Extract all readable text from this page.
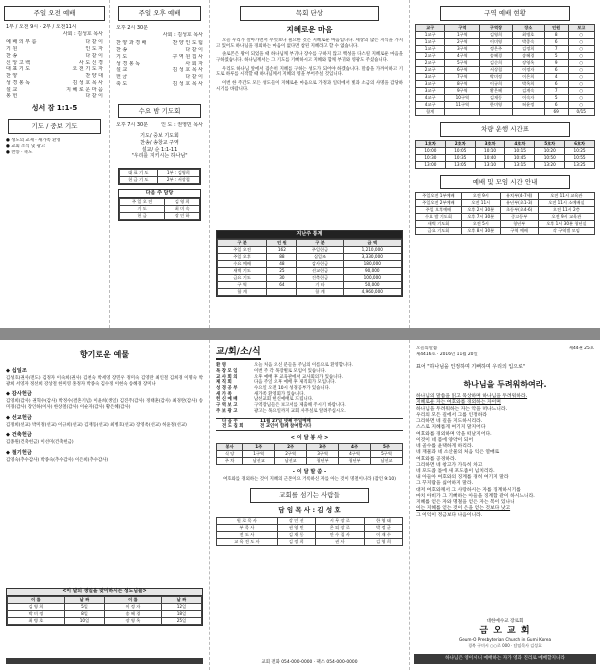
주일 오전 예배
1부 / 오전 9시 · 2부 / 오전11시
사회 : 김성호 목사
예 배 의 부 름	다 같 이
기 원	인 도 자
찬 송	다 같 이
신 앙 고 백	사 도 신 경
대 표 기 도	오 전 기 도 자
찬 양	찬 양 대
성 경 봉 독	김 성 호 목 사
설 교	지 혜 로 운 마 음
봉 헌	다 같 이
성서 잠 1:1-5
기도 / 중보 기도
● 성도의 교제 · 새가족 환영
● 교회 소식 및 광고
● 찬송 · 축도
주일 오후 예배
오후 2시 30분
사회 : 김성호 목사
찬 양 과 경 배	찬 양 인 도 팀
찬 송	다 같 이
기 도	구 역 원 집 사
성 경 봉 독	사 회 자
설 교	김 성 호 목 사
헌 금	다 같 이
축 도	김 성 호 목 사
수요 밤 기도회
오후 7시 30분	인 도 : 권영민 목사
기도/ 중보 기도회
찬송/ 송창교 구역
설교/ 순 1:1-11
"우리를 지키시는 하나님"
대 표 기 도	1부 : 김영희
헌 금 기 도	2부 : 서상철
다음 주 담당
주 일 오 전	김 영 희
기 도	최 미 숙
헌 금	장 인 하
목회 단상
지혜로운 마음

오늘 우리가 살아가면서 무엇보다 필요한 것은 지혜로운 마음입니다. 세상의 많은 지식을 가지고 있어도 하나님을 경외하는 마음이 없다면 참된 지혜라고 할 수 없습니다.

솔로몬은 왕이 되었을 때 하나님께 부귀나 장수를 구하지 않고 백성을 다스릴 지혜로운 마음을 구하였습니다. 하나님께서는 그 기도를 기뻐하시고 지혜와 함께 부귀와 영광도 주셨습니다.

우리도 하나님 앞에서 겸손히 지혜를 구하는 성도가 되어야 하겠습니다. 말씀을 가까이하고 기도로 하루를 시작할 때 하나님께서 지혜의 영을 부어주실 것입니다.

이번 한 주간도 모든 성도들이 지혜로운 마음으로 가정과 일터에서 빛과 소금의 사명을 감당하시기를 바랍니다.

지난주 통계
구 분	인 원	구 분	금 액
주일 오전	162	주일헌금	1,210,000
주일 오후	88	십일조	3,330,000
수요 예배	48	감사헌금	180,000
새벽 기도	25	선교헌금	90,000
금요 기도	30	건축헌금	100,000
구 역	64	기 타	50,000
합 계		합 계	4,960,000
구역 예배 현황
교구	구역	구역장	장소	인원	보고
1교구	1구역	김영희	최병호	8	○
1교구	2구역	이미영	박종숙	6	○
1교구	3구역	정은주	김정희	7	○
2교구	4구역	송혜경	송혜경	5	○
2교구	5구역	김순희	장영옥	9	○
2교구	6구역	서상철	이정자	6	○
3교구	7구역	박미정	이은희	4	○
3교구	8구역	이규희	박옥희	6	○
3교구	9구역	황은혜	김계숙	7	○
4교구	10구역	김재동	이숙자	5	○
4교구	11구역	한미영	허윤정	6	○
합계				69	0/15
차량 운행 시간표
1호차	2호차	3호차	4호차	5호차	6호차
10:00	10:05	10:10	10:15	10:20	10:25
10:30	10:35	10:40	10:45	10:50	10:55
13:00	13:05	13:10	13:15	13:20	13:25
예배 및 모임 시간 안내
주일오전 1부예배	오전 9시	유치부(4-7세)	오전 11시 교육관
주일오전 2부예배	오전 11시	유년부(초1-3)	오전 11시 소예배실
주일 오후예배	오후 2시 30분	초등부(초4-6)	오전 11시 2층
수요 밤 기도회	오후 7시 30분	중고등부	오전 9시 교육관
새벽 기도회	오전 5시	청년부	오후 1시 30분 청년실
금요 기도회	오후 8시 30분	구역 예배	각 구역별 모임
향기로운 예물
◆ 십일조
김성호(권사/전도) 김정자 이숙희(권사) 김천숙 박세영 장민우 정미숙 김영란 최인철 김희경 이명숙 박광희 서영자 정선희 강상철 한미영 홍정자 박종숙 김수정 이현숙 송혜경 장미나
◆ 감사헌금
김영희(감사) 권혁수(감사) 박정수(결혼기념) 이윤희(생일) 김진주(감사) 정태훈(감사) 최경란(감사) 송미경(감사) 장인하(이사) 한상철(감사) 이순자(감사) 황은혜(감사)
◆ 선교헌금
김정희(선교) 박미정(선교) 이규희(선교) 김재동(선교) 최병호(선교) 장영옥(선교) 허윤정(선교)
◆ 건축헌금
김종원(건축헌금) 이선미(건축헌금)
◆ 절기헌금
김영숙(추수감사) 박종숙(추수감사) 이은희(추수감사)
<이 달의 생일을 맞이하시는 성도님들>
이 름	날 짜	이 름	날 짜
김 영 희	5일	이 정 자	12일
박 미 정	8일	송 혜 경	18일
최 병 호	10일	장 영 옥	25일
교/회/소/식
환 영	오늘 처음 오신 분들을 주님의 이름으로 환영합니다.
목 장 모 임	이번 주 각 목장별로 모임이 있습니다.
교 사 회 의	오후 예배 후 교육관에서 교사회의가 있습니다.
제 직 회	다음 주일 오후 예배 후 제직회가 모입니다.
성 경 공 부	수요일 오전 10시 성경공부가 있습니다.
새 가 족	새가족 환영회가 있습니다.
헌 신 예 배	남선교회 헌신예배로 드립니다.
구 역 보 고	구역장님들은 보고서를 제출해 주시기 바랍니다.
주 보 광 고	광고는 목요일까지 교회 사무실로 알려주십시오.
다 음 주	11월 27일 넷째 주일예배
전 도 집 회	전 교인이 함께 참여합시다
< 이 달 봉 사 >
봉사	1주	2주	3주	4주	5주
식 당	1구역	2구역	3구역	4구역	5구역
주 차	남선교	남선교	청년부	청년부	남선교
- 이 달 말 씀 -
여호와를 경외하는 것이 지혜의 근본이요 거룩하신 자를 아는 것이 명철이니라 (잠언 9:10)
교회를 섬기는 사람들
담 임 목 사 : 김 성 호
원 로 목 사	강 인 선	시 무 장 로	한 영 태
부 목 사	권 영 민	은 퇴 장 로	박 정 균
전 도 사	김 재 동	안 수 집 사	이 재 수
교 육 전 도 사	김 정 희	권 사	김 영 희
교회 전화 054-000-0000 · 팩스 054-000-0000
오늘의말씀	제44권 25호
제4416호 · 2016년 11월 20일
표어 "하나님을 인정하며 기뻐하며 우리의 입으로"
하나님을 두려워하여라.
하나님의 말씀을 읽고 묵상하며 하나님을 두려워하라.
지혜로운 자는 여호와를 경외하는 자이며
하나님을 두려워하는 자는 악을 떠나느니라.
우리의 모든 길에서 그를 인정하라
그리하면 네 길을 지도하시리라.
스스로 지혜롭게 여기지 말지어다
여호와를 경외하며 악을 떠날지어다.
이것이 네 몸에 양약이 되어
네 골수를 윤택하게 하리라.
네 재물과 네 소산물의 처음 익은 열매로
여호와를 공경하라.
그리하면 네 창고가 가득히 차고
네 포도즙 틀에 새 포도즙이 넘치리라.
내 아들아 여호와의 징계를 경히 여기지 말라
그 꾸지람을 싫어하지 말라.
대저 여호와께서 그 사랑하시는 자를 징계하시기를
마치 아비가 그 기뻐하는 아들을 징계함 같이 하시느니라.
지혜를 얻은 자와 명철을 얻은 자는 복이 있나니
이는 지혜를 얻는 것이 은을 얻는 것보다 낫고
그 이익이 정금보다 나음이니라.
대한예수교 장로회
금 오 교 회
Geum-O Presbyterian Church in Gumi Korea
경북 구미시 ○○로 000 · 담임목사 김성호
하나님은 영이시니 예배하는 자가 영과 진리로 예배할지니라
